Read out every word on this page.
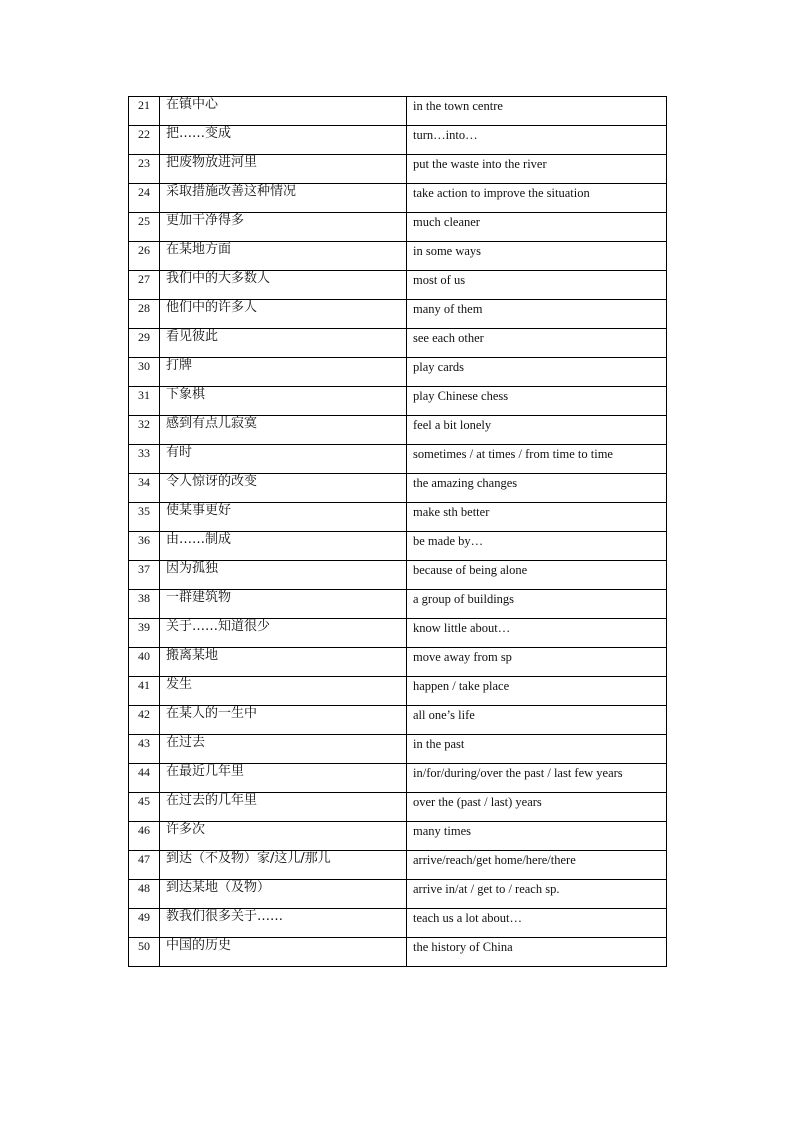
21	在镇中心	in the town centre
22	把……变成	turn…into…
23	把废物放进河里	put the waste into the river
24	采取措施改善这种情况	take action to improve the situation
25	更加干净得多	much cleaner
26	在某地方面	in some ways
27	我们中的大多数人	most of us
28	他们中的许多人	many of them
29	看见彼此	see each other
30	打牌	play cards
31	下象棋	play Chinese chess
32	感到有点儿寂寞	feel a bit lonely
33	有时	sometimes / at times / from time to time
34	令人惊讶的改变	the amazing changes
35	使某事更好	make sth better
36	由……制成	be made by…
37	因为孤独	because of being alone
38	一群建筑物	a group of buildings
39	关于……知道很少	know little about…
40	搬离某地	move away from sp
41	发生	happen / take place
42	在某人的一生中	all one’s life
43	在过去	in the past
44	在最近几年里	in/for/during/over the past / last few years
45	在过去的几年里	over the (past / last) years
46	许多次	many times
47	到达（不及物）家/这儿/那儿	arrive/reach/get home/here/there
48	到达某地（及物）	arrive in/at / get to / reach sp.
49	教我们很多关于……	teach us a lot about…
50	中国的历史	the history of China
